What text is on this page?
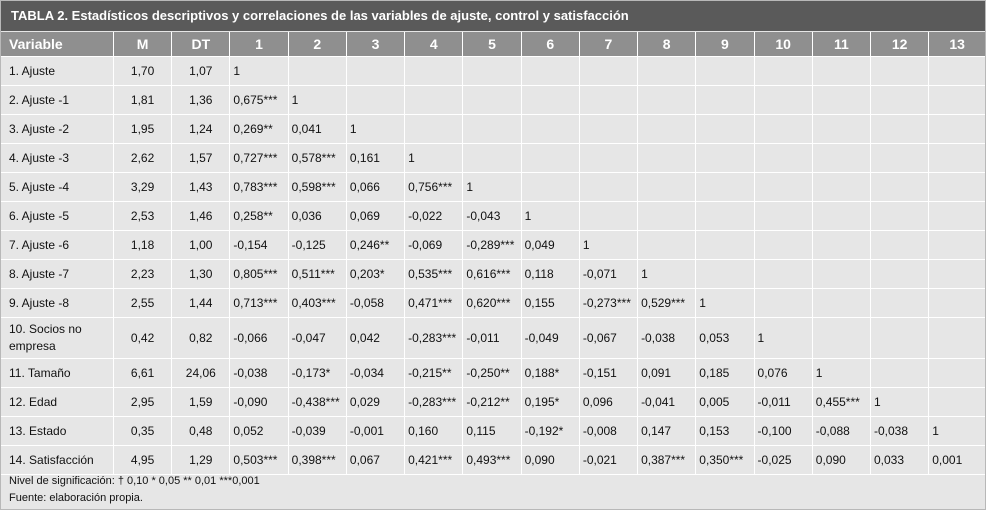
TABLA 2. Estadísticos descriptivos y correlaciones de las variables de ajuste, control y satisfacción
Variable	M	DT	1	2	3	4	5	6	7	8	9	10	11	12	13
1. Ajuste	1,70	1,07	1												
2. Ajuste -1	1,81	1,36	0,675***	1											
3. Ajuste -2	1,95	1,24	0,269**	0,041	1										
4. Ajuste -3	2,62	1,57	0,727***	0,578***	0,161	1									
5. Ajuste -4	3,29	1,43	0,783***	0,598***	0,066	0,756***	1								
6. Ajuste -5	2,53	1,46	0,258**	0,036	0,069	-0,022	-0,043	1							
7. Ajuste -6	1,18	1,00	-0,154	-0,125	0,246**	-0,069	-0,289***	0,049	1						
8. Ajuste -7	2,23	1,30	0,805***	0,511***	0,203*	0,535***	0,616***	0,118	-0,071	1					
9. Ajuste -8	2,55	1,44	0,713***	0,403***	-0,058	0,471***	0,620***	0,155	-0,273***	0,529***	1				
10. Socios no empresa	0,42	0,82	-0,066	-0,047	0,042	-0,283***	-0,011	-0,049	-0,067	-0,038	0,053	1			
11. Tamaño	6,61	24,06	-0,038	-0,173*	-0,034	-0,215**	-0,250**	0,188*	-0,151	0,091	0,185	0,076	1		
12. Edad	2,95	1,59	-0,090	-0,438***	0,029	-0,283***	-0,212**	0,195*	0,096	-0,041	0,005	-0,011	0,455***	1	
13. Estado	0,35	0,48	0,052	-0,039	-0,001	0,160	0,115	-0,192*	-0,008	0,147	0,153	-0,100	-0,088	-0,038	1
14. Satisfacción	4,95	1,29	0,503***	0,398***	0,067	0,421***	0,493***	0,090	-0,021	0,387***	0,350***	-0,025	0,090	0,033	0,001
Nivel de significación: † 0,10 * 0,05 ** 0,01 ***0,001
Fuente: elaboración propia.
